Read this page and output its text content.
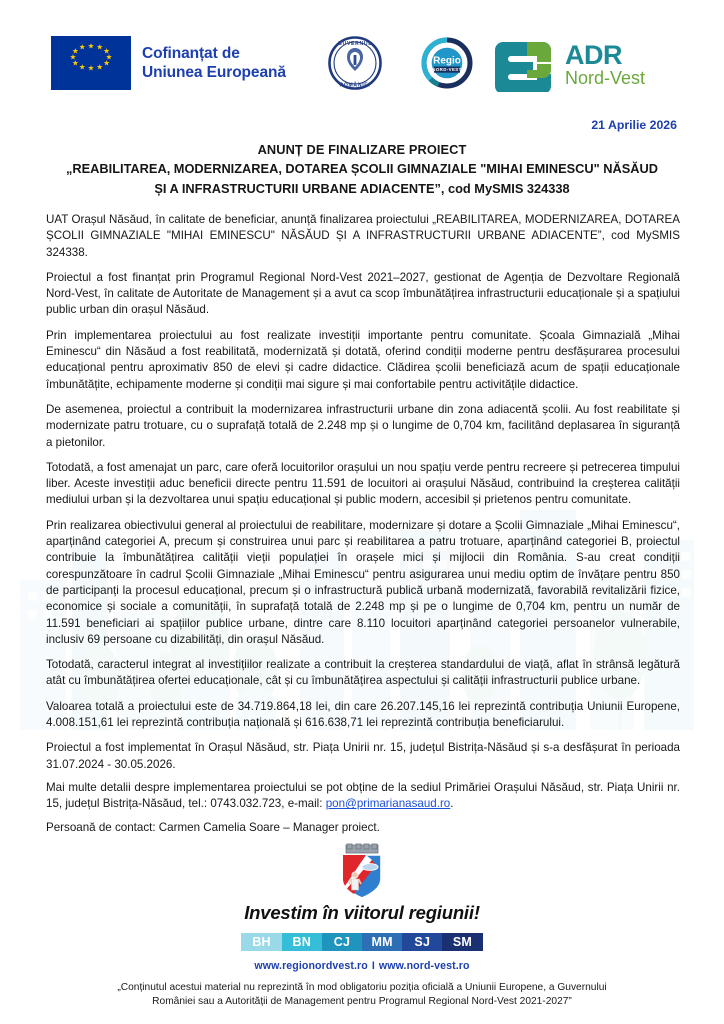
★ ★ ★
★
★
★
★
★
★
★
★ ★	Cofinanțat de
Uniunea Europeană
GUVERNUL
ROMÂNIEI
Regio
NORD-VEST	ADR
Nord-Vest
21 Aprilie 2026
ANUNȚ DE FINALIZARE PROIECT
„REABILITAREA, MODERNIZAREA, DOTAREA ȘCOLII GIMNAZIALE "MIHAI EMINESCU" NĂSĂUD
ȘI A INFRASTRUCTURII URBANE ADIACENTE”, cod MySMIS 324338

UAT Orașul Năsăud, în calitate de beneficiar, anunță finalizarea proiectului „REABILITAREA, MODERNIZAREA, DOTAREA ȘCOLII GIMNAZIALE "MIHAI EMINESCU" NĂSĂUD ȘI A INFRASTRUCTURII URBANE ADIACENTE”, cod MySMIS 324338.

Proiectul a fost finanțat prin Programul Regional Nord-Vest 2021–2027, gestionat de Agenția de Dezvoltare Regională Nord-Vest, în calitate de Autoritate de Management și a avut ca scop îmbunătățirea infrastructurii educaționale și a spațiului public urban din orașul Năsăud.

Prin implementarea proiectului au fost realizate investiții importante pentru comunitate. Școala Gimnazială „Mihai Eminescu“ din Năsăud a fost reabilitată, modernizată și dotată, oferind condiții moderne pentru desfășurarea procesului educațional pentru aproximativ 850 de elevi și cadre didactice. Clădirea școlii beneficiază acum de spații educaționale îmbunătățite, echipamente moderne și condiții mai sigure și mai confortabile pentru activitățile didactice.

De asemenea, proiectul a contribuit la modernizarea infrastructurii urbane din zona adiacentă școlii. Au fost reabilitate și modernizate patru trotuare, cu o suprafață totală de 2.248 mp și o lungime de 0,704 km, facilitând deplasarea în siguranță a pietonilor.

Totodată, a fost amenajat un parc, care oferă locuitorilor orașului un nou spațiu verde pentru recreere și petrecerea timpului liber. Aceste investiții aduc beneficii directe pentru 11.591 de locuitori ai orașului Năsăud, contribuind la creșterea calității mediului urban și la dezvoltarea unui spațiu educațional și public modern, accesibil și prietenos pentru comunitate.

Prin realizarea obiectivului general al proiectului de reabilitare, modernizare și dotare a Școlii Gimnaziale „Mihai Eminescu“, aparținând categoriei A, precum și construirea unui parc și reabilitarea a patru trotuare, aparținând categoriei B, proiectul contribuie la îmbunătățirea calității vieții populației în orașele mici și mijlocii din România. S-au creat condiții corespunzătoare în cadrul Școlii Gimnaziale „Mihai Eminescu“ pentru asigurarea unui mediu optim de învățare pentru 850 de participanți la procesul educațional, precum și o infrastructură publică urbană modernizată, favorabilă revitalizării fizice, economice și sociale a comunității, în suprafață totală de 2.248 mp și pe o lungime de 0,704 km, pentru un număr de 11.591 beneficiari ai spațiilor publice urbane, dintre care 8.110 locuitori aparținând categoriei persoanelor vulnerabile, inclusiv 69 persoane cu dizabilități, din orașul Năsăud.

Totodată, caracterul integrat al investițiilor realizate a contribuit la creșterea standardului de viață, aflat în strânsă legătură atât cu îmbunătățirea ofertei educaționale, cât și cu îmbunătățirea aspectului și calității infrastructurii publice urbane.

Valoarea totală a proiectului este de 34.719.864,18 lei, din care 26.207.145,16 lei reprezintă contribuția Uniunii Europene, 4.008.151,61 lei reprezintă contribuția națională și 616.638,71 lei reprezintă contribuția beneficiarului.

Proiectul a fost implementat în Orașul Năsăud, str. Piața Unirii nr. 15, județul Bistrița-Năsăud și s-a desfășurat în perioada 31.07.2024 - 30.05.2026.

Mai multe detalii despre implementarea proiectului se pot obține de la sediul Primăriei Orașului Năsăud, str. Piața Unirii nr. 15, județul Bistrița-Năsăud, tel.: 0743.032.723, e-mail: pon@primarianasaud.ro.

Persoană de contact: Carmen Camelia Soare – Manager proiect.

Investim în viitorul regiunii!
BH	BN	CJ	MM	SJ	SM
www.regionordvest.ro I www.nord-vest.ro
„Conținutul acestui material nu reprezintă în mod obligatoriu poziția oficială a Uniunii Europene, a Guvernului
României sau a Autorității de Management pentru Programul Regional Nord-Vest 2021-2027”
